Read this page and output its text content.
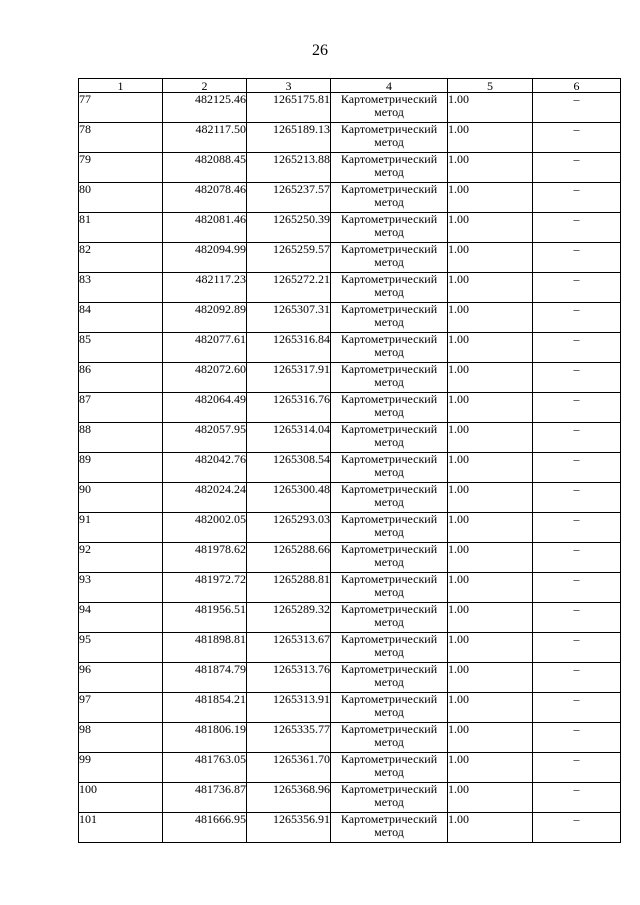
26
1	2	3	4	5	6
77	482125.46	1265175.81	Картометрический метод	1.00	–
78	482117.50	1265189.13	Картометрический метод	1.00	–
79	482088.45	1265213.88	Картометрический метод	1.00	–
80	482078.46	1265237.57	Картометрический метод	1.00	–
81	482081.46	1265250.39	Картометрический метод	1.00	–
82	482094.99	1265259.57	Картометрический метод	1.00	–
83	482117.23	1265272.21	Картометрический метод	1.00	–
84	482092.89	1265307.31	Картометрический метод	1.00	–
85	482077.61	1265316.84	Картометрический метод	1.00	–
86	482072.60	1265317.91	Картометрический метод	1.00	–
87	482064.49	1265316.76	Картометрический метод	1.00	–
88	482057.95	1265314.04	Картометрический метод	1.00	–
89	482042.76	1265308.54	Картометрический метод	1.00	–
90	482024.24	1265300.48	Картометрический метод	1.00	–
91	482002.05	1265293.03	Картометрический метод	1.00	–
92	481978.62	1265288.66	Картометрический метод	1.00	–
93	481972.72	1265288.81	Картометрический метод	1.00	–
94	481956.51	1265289.32	Картометрический метод	1.00	–
95	481898.81	1265313.67	Картометрический метод	1.00	–
96	481874.79	1265313.76	Картометрический метод	1.00	–
97	481854.21	1265313.91	Картометрический метод	1.00	–
98	481806.19	1265335.77	Картометрический метод	1.00	–
99	481763.05	1265361.70	Картометрический метод	1.00	–
100	481736.87	1265368.96	Картометрический метод	1.00	–
101	481666.95	1265356.91	Картометрический метод	1.00	–
